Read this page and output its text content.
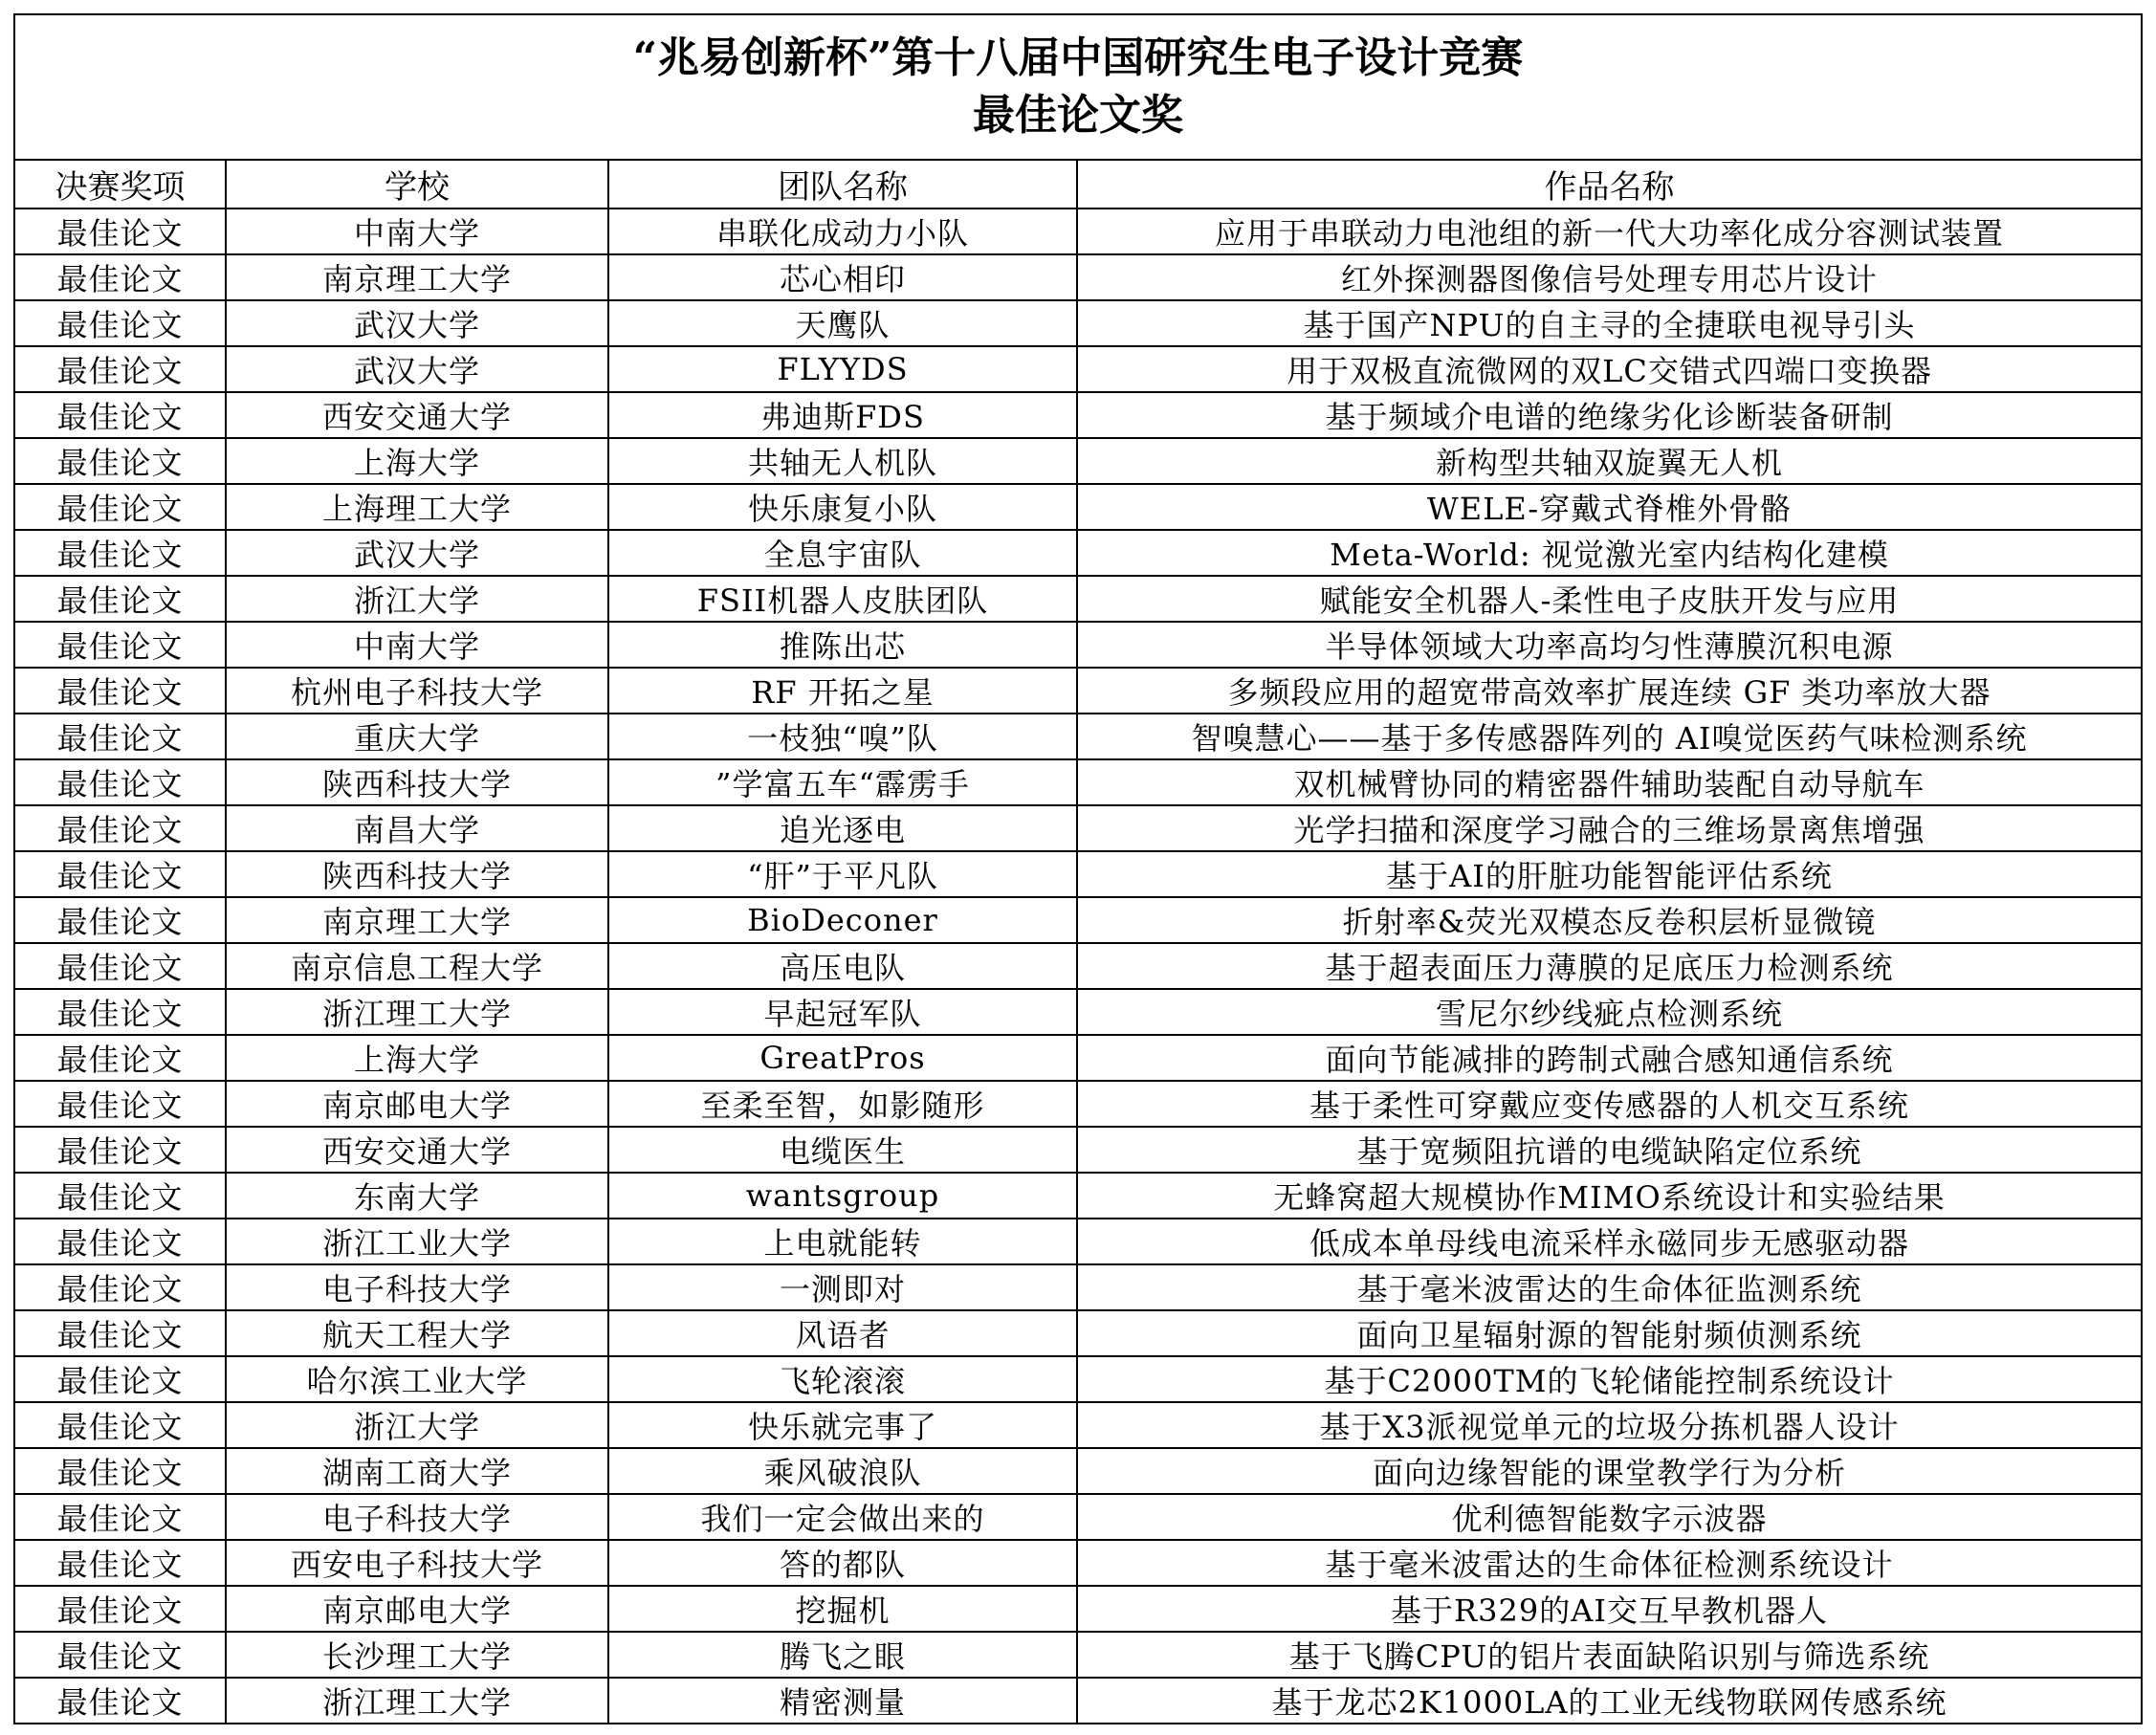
“兆易创新杯”第十八届中国研究生电子设计竞赛
最佳论文奖
决赛奖项	学校	团队名称	作品名称
最佳论文	中南大学	串联化成动力小队	应用于串联动力电池组的新一代大功率化成分容测试装置
最佳论文	南京理工大学	芯心相印	红外探测器图像信号处理专用芯片设计
最佳论文	武汉大学	天鹰队	基于国产NPU的自主寻的全捷联电视导引头
最佳论文	武汉大学	FLYYDS	用于双极直流微网的双LC交错式四端口变换器
最佳论文	西安交通大学	弗迪斯FDS	基于频域介电谱的绝缘劣化诊断装备研制
最佳论文	上海大学	共轴无人机队	新构型共轴双旋翼无人机
最佳论文	上海理工大学	快乐康复小队	WELE-穿戴式脊椎外骨骼
最佳论文	武汉大学	全息宇宙队	Meta-World: 视觉激光室内结构化建模
最佳论文	浙江大学	FSII机器人皮肤团队	赋能安全机器人-柔性电子皮肤开发与应用
最佳论文	中南大学	推陈出芯	半导体领域大功率高均匀性薄膜沉积电源
最佳论文	杭州电子科技大学	RF 开拓之星	多频段应用的超宽带高效率扩展连续 GF 类功率放大器
最佳论文	重庆大学	一枝独“嗅”队	智嗅慧心——基于多传感器阵列的 AI嗅觉医药气味检测系统
最佳论文	陕西科技大学	”学富五车“霹雳手	双机械臂协同的精密器件辅助装配自动导航车
最佳论文	南昌大学	追光逐电	光学扫描和深度学习融合的三维场景离焦增强
最佳论文	陕西科技大学	“肝”于平凡队	基于AI的肝脏功能智能评估系统
最佳论文	南京理工大学	BioDeconer	折射率&荧光双模态反卷积层析显微镜
最佳论文	南京信息工程大学	高压电队	基于超表面压力薄膜的足底压力检测系统
最佳论文	浙江理工大学	早起冠军队	雪尼尔纱线疵点检测系统
最佳论文	上海大学	GreatPros	面向节能减排的跨制式融合感知通信系统
最佳论文	南京邮电大学	至柔至智，如影随形	基于柔性可穿戴应变传感器的人机交互系统
最佳论文	西安交通大学	电缆医生	基于宽频阻抗谱的电缆缺陷定位系统
最佳论文	东南大学	wantsgroup	无蜂窝超大规模协作MIMO系统设计和实验结果
最佳论文	浙江工业大学	上电就能转	低成本单母线电流采样永磁同步无感驱动器
最佳论文	电子科技大学	一测即对	基于毫米波雷达的生命体征监测系统
最佳论文	航天工程大学	风语者	面向卫星辐射源的智能射频侦测系统
最佳论文	哈尔滨工业大学	飞轮滚滚	基于C2000TM的飞轮储能控制系统设计
最佳论文	浙江大学	快乐就完事了	基于X3派视觉单元的垃圾分拣机器人设计
最佳论文	湖南工商大学	乘风破浪队	面向边缘智能的课堂教学行为分析
最佳论文	电子科技大学	我们一定会做出来的	优利德智能数字示波器
最佳论文	西安电子科技大学	答的都队	基于毫米波雷达的生命体征检测系统设计
最佳论文	南京邮电大学	挖掘机	基于R329的AI交互早教机器人
最佳论文	长沙理工大学	腾飞之眼	基于飞腾CPU的铝片表面缺陷识别与筛选系统
最佳论文	浙江理工大学	精密测量	基于龙芯2K1000LA的工业无线物联网传感系统
